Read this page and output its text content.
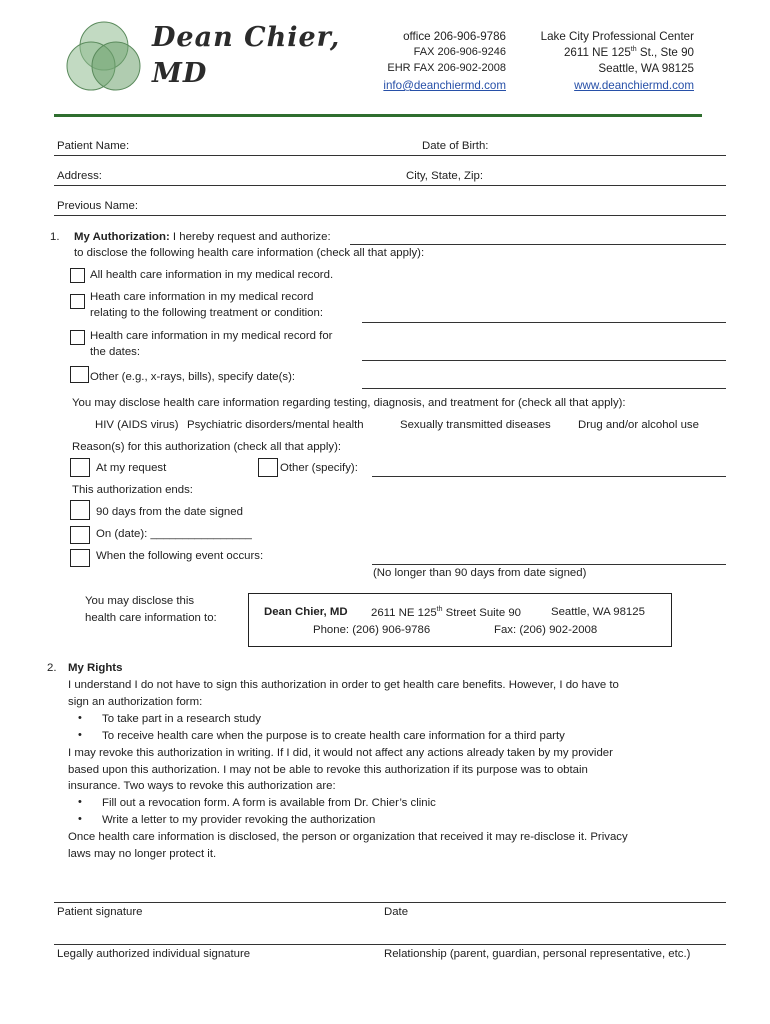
Dean Chier,
MD
office 206-906-9786
FAX 206-906-9246
EHR FAX 206-902-2008
info@deanchiermd.com
Lake City Professional Center
2611 NE 125th St., Ste 90
Seattle, WA 98125
www.deanchiermd.com
Patient Name:	Date of Birth:
Address:	City, State, Zip:
Previous Name:
1. My Authorization: I hereby request and authorize:
to disclose the following health care information (check all that apply):
All health care information in my medical record.
Heath care information in my medical record
relating to the following treatment or condition:
Health care information in my medical record for
the dates:
Other (e.g., x-rays, bills), specify date(s):
You may disclose health care information regarding testing, diagnosis, and treatment for (check all that apply):
HIV (AIDS virus) Psychiatric disorders/mental health	Sexually transmitted diseases Drug and/or alcohol use
Reason(s) for this authorization (check all that apply):
At my request	Other (specify):
This authorization ends:
90 days from the date signed
On (date): ________________
When the following event occurs:
(No longer than 90 days from date signed)
You may disclose this
health care information to:	Dean Chier, MD 2611 NE 125th Street Suite 90	Seattle, WA 98125
Phone: (206) 906-9786	Fax: (206) 902-2008
2. My Rights
I understand I do not have to sign this authorization in order to get health care benefits. However, I do have to
sign an authorization form:
• To take part in a research study
• To receive health care when the purpose is to create health care information for a third party
I may revoke this authorization in writing. If I did, it would not affect any actions already taken by my provider
based upon this authorization. I may not be able to revoke this authorization if its purpose was to obtain
insurance. Two ways to revoke this authorization are:
• Fill out a revocation form. A form is available from Dr. Chier’s clinic
• Write a letter to my provider revoking the authorization
Once health care information is disclosed, the person or organization that received it may re-disclose it. Privacy
laws may no longer protect it.
Patient signature	Date
Legally authorized individual signature	Relationship (parent, guardian, personal representative, etc.)
